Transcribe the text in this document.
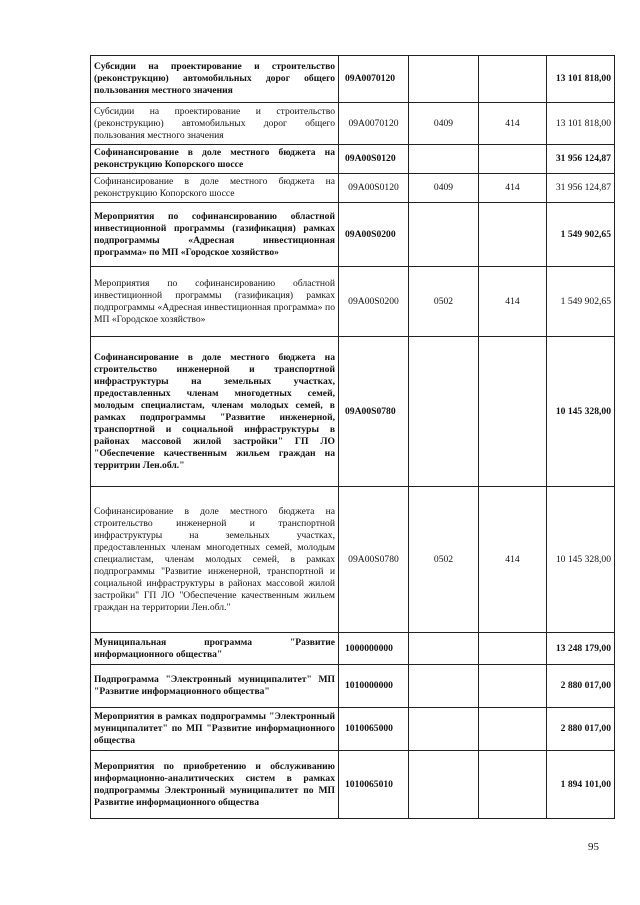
Субсидии на проектирование и строительство (реконструкцию) автомобильных дорог общего пользования местного значения	09А0070120			13 101 818,00
Субсидии на проектирование и строительство (реконструкцию) автомобильных дорог общего пользования местного значения	09А0070120	0409	414	13 101 818,00
Софинансирование в доле местного бюджета на реконструкцию Копорского шоссе	09А00S0120			31 956 124,87
Софинансирование в доле местного бюджета на реконструкцию Копорского шоссе	09А00S0120	0409	414	31 956 124,87
Мероприятия по софинансированию областной инвестиционной программы (газификация) рамках подпрограммы «Адресная инвестиционная программа» по МП «Городское хозяйство»	09А00S0200			1 549 902,65
Мероприятия по софинансированию областной инвестиционной программы (газификация) рамках подпрограммы «Адресная инвестиционная программа» по МП «Городское хозяйство»	09А00S0200	0502	414	1 549 902,65
Софинансирование в доле местного бюджета на строительство инженерной и транспортной инфраструктуры на земельных участках, предоставленных членам многодетных семей, молодым специалистам, членам молодых семей, в рамках подпрограммы "Развитие инженерной, транспортной и социальной инфраструктуры в районах массовой жилой застройки" ГП ЛО "Обеспечение качественным жильем граждан на территрии Лен.обл."	09А00S0780			10 145 328,00
Софинансирование в доле местного бюджета на строительство инженерной и транспортной инфраструктуры на земельных участках, предоставленных членам многодетных семей, молодым специалистам, членам молодых семей, в рамках подпрограммы "Развитие инженерной, транспортной и социальной инфраструктуры в районах массовой жилой застройки" ГП ЛО "Обеспечение качественным жильем граждан на территории Лен.обл."	09А00S0780	0502	414	10 145 328,00
Муниципальная программа "Развитие информационного общества"	1000000000			13 248 179,00
Подпрограмма "Электронный муниципалитет" МП "Развитие информационного общества"	1010000000			2 880 017,00
Мероприятия в рамках подпрограммы "Электронный муниципалитет" по МП "Развитие информационного общества	1010065000			2 880 017,00
Мероприятия по приобретению и обслуживанию информационно-аналитических систем в рамках подпрограммы Электронный муниципалитет по МП Развитие информационного общества	1010065010			1 894 101,00
95
